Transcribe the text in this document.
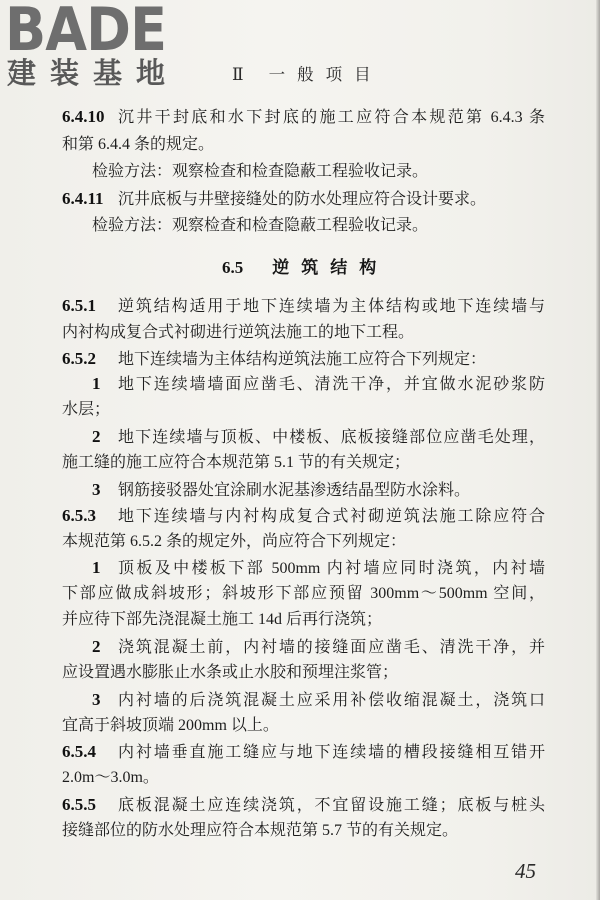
BADE
建装基地	Ⅱ 一般项目
6.4.10 沉井干封底和水下封底的施工应符合本规范第 6.4.3 条
和第 6.4.4 条的规定。
检验方法：观察检查和检查隐蔽工程验收记录。
6.4.11 沉井底板与井壁接缝处的防水处理应符合设计要求。
检验方法：观察检查和检查隐蔽工程验收记录。
6.5 逆筑结构
6.5.1	逆筑结构适用于地下连续墙为主体结构或地下连续墙与
内衬构成复合式衬砌进行逆筑法施工的地下工程。
6.5.2	地下连续墙为主体结构逆筑法施工应符合下列规定：
1	地下连续墙墙面应凿毛、清洗干净，并宜做水泥砂浆防
水层；
2	地下连续墙与顶板、中楼板、底板接缝部位应凿毛处理，
施工缝的施工应符合本规范第 5.1 节的有关规定；
3	钢筋接驳器处宜涂刷水泥基渗透结晶型防水涂料。
6.5.3	地下连续墙与内衬构成复合式衬砌逆筑法施工除应符合
本规范第 6.5.2 条的规定外，尚应符合下列规定：
1	顶板及中楼板下部 500mm 内衬墙应同时浇筑，内衬墙
下部应做成斜坡形；斜坡形下部应预留 300mm～500mm 空间，
并应待下部先浇混凝土施工 14d 后再行浇筑；
2	浇筑混凝土前，内衬墙的接缝面应凿毛、清洗干净，并
应设置遇水膨胀止水条或止水胶和预埋注浆管；
3	内衬墙的后浇筑混凝土应采用补偿收缩混凝土，浇筑口
宜高于斜坡顶端 200mm 以上。
6.5.4	内衬墙垂直施工缝应与地下连续墙的槽段接缝相互错开
2.0m～3.0m。
6.5.5	底板混凝土应连续浇筑，不宜留设施工缝；底板与桩头
接缝部位的防水处理应符合本规范第 5.7 节的有关规定。
45
